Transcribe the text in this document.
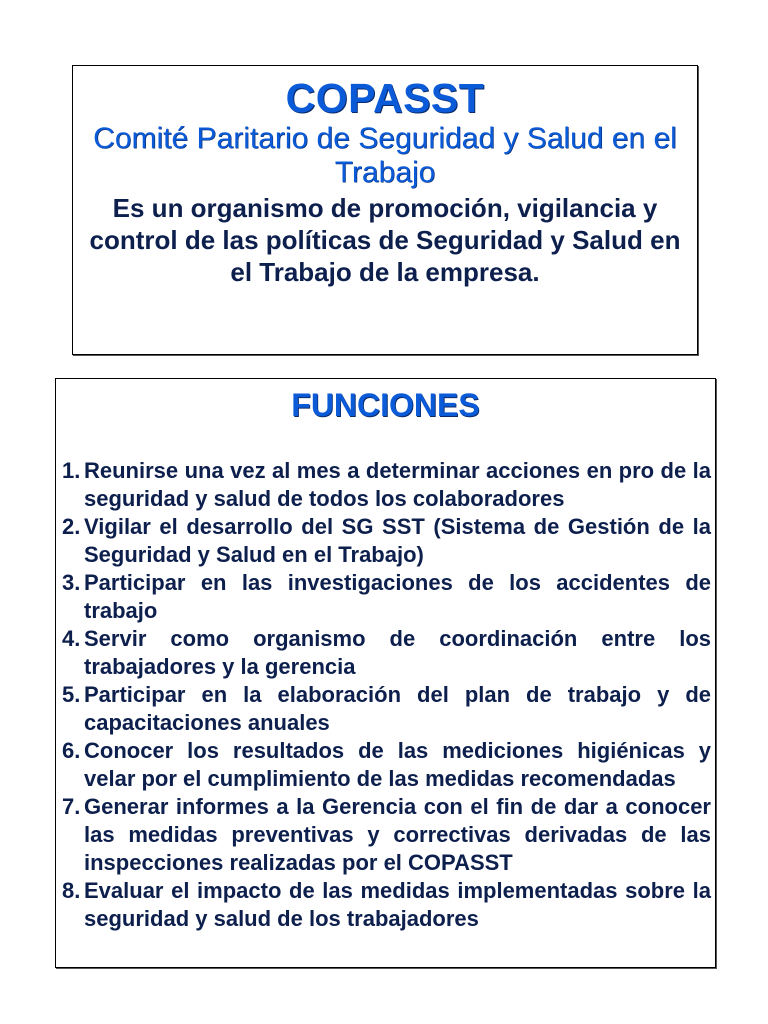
COPASST
Comité Paritario de Seguridad y Salud en el Trabajo
Es un organismo de promoción, vigilancia y control de las políticas de Seguridad y Salud en el Trabajo de la empresa.
FUNCIONES
1. Reunirse una vez al mes a determinar acciones en pro de la seguridad y salud de todos los colaboradores
2. Vigilar el desarrollo del SG SST (Sistema de Gestión de la Seguridad y Salud en el Trabajo)
3. Participar en las investigaciones de los accidentes de trabajo
4. Servir como organismo de coordinación entre los trabajadores y la gerencia
5. Participar en la elaboración del plan de trabajo y de capacitaciones anuales
6. Conocer los resultados de las mediciones higiénicas y velar por el cumplimiento de las medidas recomendadas
7. Generar informes a la Gerencia con el fin de dar a conocer las medidas preventivas y correctivas derivadas de las inspecciones realizadas por el COPASST
8. Evaluar el impacto de las medidas implementadas sobre la seguridad y salud de los trabajadores
